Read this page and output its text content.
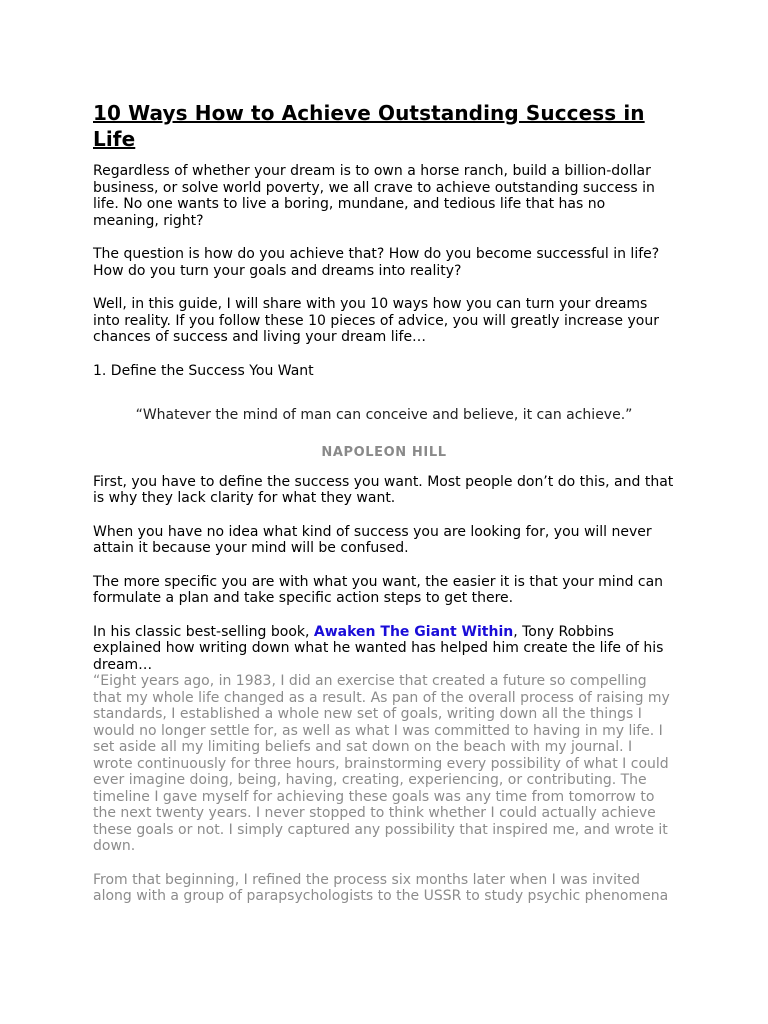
10 Ways How to Achieve Outstanding Success in Life

Regardless of whether your dream is to own a horse ranch, build a billion-dollar business, or solve world poverty, we all crave to achieve outstanding success in life. No one wants to live a boring, mundane, and tedious life that has no meaning, right?

The question is how do you achieve that? How do you become successful in life? How do you turn your goals and dreams into reality?

Well, in this guide, I will share with you 10 ways how you can turn your dreams into reality. If you follow these 10 pieces of advice, you will greatly increase your chances of success and living your dream life…

1. Define the Success You Want

“Whatever the mind of man can conceive and believe, it can achieve.”

NAPOLEON HILL

First, you have to define the success you want. Most people don’t do this, and that is why they lack clarity for what they want.

When you have no idea what kind of success you are looking for, you will never attain it because your mind will be confused.

The more specific you are with what you want, the easier it is that your mind can formulate a plan and take specific action steps to get there.

In his classic best-selling book, Awaken The Giant Within, Tony Robbins explained how writing down what he wanted has helped him create the life of his dream…

“Eight years ago, in 1983, I did an exercise that created a future so compelling that my whole life changed as a result. As pan of the overall process of raising my standards, I established a whole new set of goals, writing down all the things I would no longer settle for, as well as what I was committed to having in my life. I set aside all my limiting beliefs and sat down on the beach with my journal. I wrote continuously for three hours, brainstorming every possibility of what I could ever imagine doing, being, having, creating, experiencing, or contributing. The timeline I gave myself for achieving these goals was any time from tomorrow to the next twenty years. I never stopped to think whether I could actually achieve these goals or not. I simply captured any possibility that inspired me, and wrote it down.

From that beginning, I refined the process six months later when I was invited along with a group of parapsychologists to the USSR to study psychic phenomena
